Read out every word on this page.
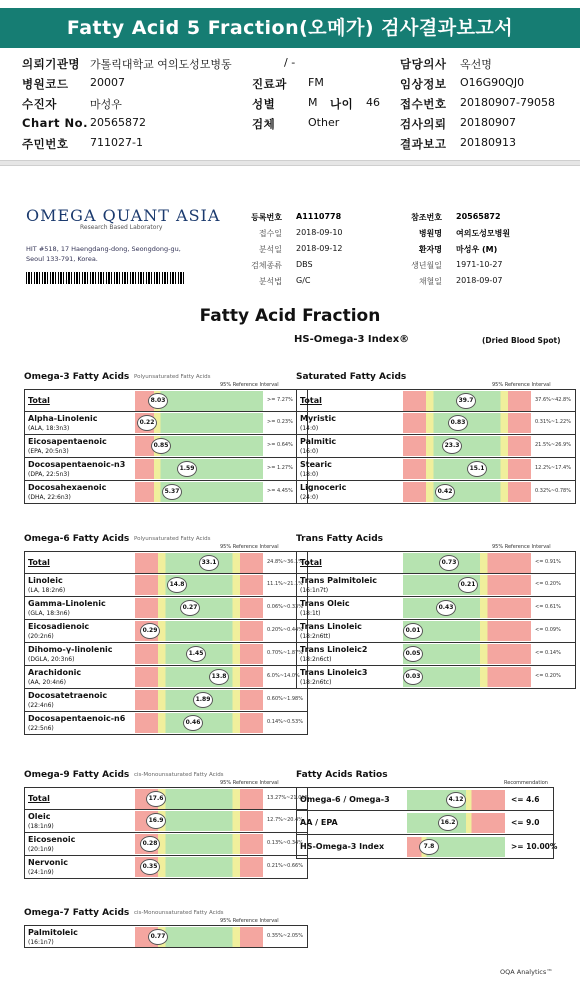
Fatty Acid 5 Fraction(오메가) 검사결과보고서
의뢰기관명 가톨릭대학교 여의도성모병동
병원코드 20007
수진자	마성우
Chart No. 20565872
주민번호 711027-1
/ -
진료과 FM
성별	M 나이 46
검체	Other
담당의사 옥선명
임상정보 O16G90QJ0
접수번호 20180907-79058
검사의뢰 20180907
결과보고 20180913
OMEGA QUANT ASIA
Research Based Laboratory
HIT #518, 17 Haengdang-dong, Seongdong-gu, Seoul 133-791, Korea.
등록번호 A1110778
접수일 2018-09-10
분석일 2018-09-12
검체종류 DBS
분석법 G/C
참조번호 20565872
병원명 여의도성모병원
환자명 마성우 (M)
생년월일 1971-10-27
채혈일 2018-09-07
Fatty Acid Fraction
HS-Omega-3 Index®	(Dried Blood Spot)
Omega-3 Fatty Acids Polyunsaturated Fatty Acids
95% Reference Interval
Total	8.03	>= 7.27%
Alpha-Linolenic
(ALA, 18:3n3)
0.22	>= 0.23%
Eicosapentaenoic
(EPA, 20:5n3)
0.85	>= 0.64%
Docosapentaenoic-n3
(DPA, 22:5n3)
1.59	>= 1.27%
Docosahexaenoic
(DHA, 22:6n3)
5.37	>= 4.45%
Saturated Fatty Acids
95% Reference Interval
Total	39.7	37.6%~42.8%
Myristic
(14:0)
0.83	0.31%~1.22%
Palmitic
(16:0)
23.3	21.5%~26.9%
Stearic
(18:0)
15.1	12.2%~17.4%
Lignoceric
(24:0)
0.42	0.32%~0.78%
Omega-6 Fatty Acids Polyunsaturated Fatty Acids
95% Reference Interval
Total	33.1	24.8%~36.1%
Linoleic
(LA, 18:2n6)
14.8	11.1%~21.1%
Gamma-Linolenic
(GLA, 18:3n6)
0.27	0.06%~0.33%
Eicosadienoic
(20:2n6)
0.29	0.20%~0.44%
Dihomo-γ-linolenic
(DGLA, 20:3n6)
1.45	0.70%~1.87%
Arachidonic
(AA, 20:4n6)
13.8	6.0%~14.0%
Docosatetraenoic
(22:4n6)
1.89	0.60%~1.98%
Docosapentaenoic-n6
(22:5n6)
0.46	0.14%~0.53%
Trans Fatty Acids
95% Reference Interval
Total	0.73	<= 0.91%
Trans Palmitoleic
(16:1n7t)
0.21	<= 0.20%
Trans Oleic
(18:1t)
0.43	<= 0.61%
Trans Linoleic
(18:2n6tt)
0.01	<= 0.09%
Trans Linoleic2
(18:2n6ct)
0.05	<= 0.14%
Trans Linoleic3
(18:2n6tc)
0.03	<= 0.20%
Omega-9 Fatty Acids cis-Monounsaturated Fatty Acids
95% Reference Interval
Total	17.6	13.27%~21.01%
Oleic
(18:1n9)
16.9	12.7%~20.4%
Eicosenoic
(20:1n9)
0.28	0.13%~0.34%
Nervonic
(24:1n9)
0.35	0.21%~0.66%
Omega-7 Fatty Acids cis-Monounsaturated Fatty Acids
95% Reference Interval
Palmitoleic
(16:1n7)
0.77	0.35%~2.05%
Fatty Acids Ratios
Recommendation
Omega-6 / Omega-3	4.12	<= 4.6
AA / EPA	16.2	<= 9.0
HS-Omega-3 Index	7.8	>= 10.00%
OQA Analytics™
